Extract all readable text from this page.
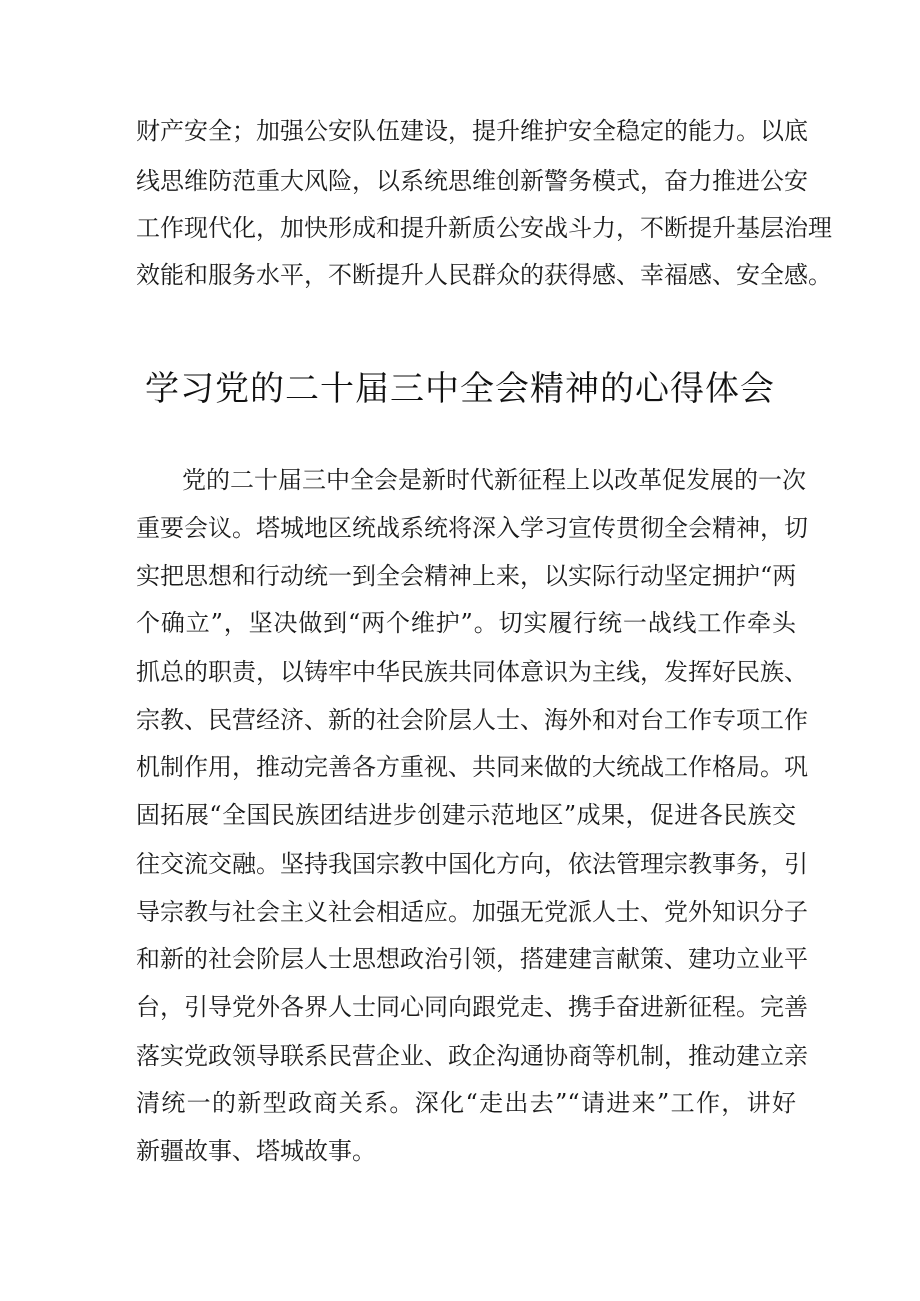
财产安全；加强公安队伍建设，提升维护安全稳定的能力。以底
线思维防范重大风险，以系统思维创新警务模式，奋力推进公安
工作现代化，加快形成和提升新质公安战斗力，不断提升基层治理
效能和服务水平，不断提升人民群众的获得感、幸福感、安全感。
学习党的二十届三中全会精神的心得体会
党的二十届三中全会是新时代新征程上以改革促发展的一次
重要会议。塔城地区统战系统将深入学习宣传贯彻全会精神，切
实把思想和行动统一到全会精神上来，以实际行动坚定拥护“两
个确立”，坚决做到“两个维护”。切实履行统一战线工作牵头
抓总的职责，以铸牢中华民族共同体意识为主线，发挥好民族、
宗教、民营经济、新的社会阶层人士、海外和对台工作专项工作
机制作用，推动完善各方重视、共同来做的大统战工作格局。巩
固拓展“全国民族团结进步创建示范地区”成果，促进各民族交
往交流交融。坚持我国宗教中国化方向，依法管理宗教事务，引
导宗教与社会主义社会相适应。加强无党派人士、党外知识分子
和新的社会阶层人士思想政治引领，搭建建言献策、建功立业平
台，引导党外各界人士同心同向跟党走、携手奋进新征程。完善
落实党政领导联系民营企业、政企沟通协商等机制，推动建立亲
清统一的新型政商关系。深化“走出去”“请进来”工作，讲好
新疆故事、塔城故事。
